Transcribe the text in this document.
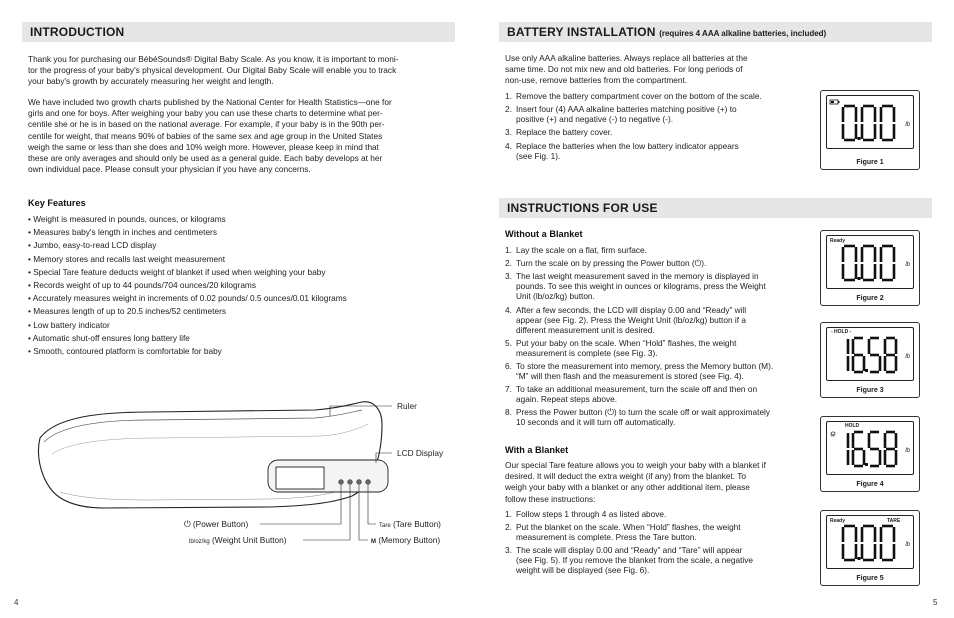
INTRODUCTION
Thank you for purchasing our BébéSounds® Digital Baby Scale. As you know, it is important to moni-
tor the progress of your baby's physical development. Our Digital Baby Scale will enable you to track
your baby's growth by accurately measuring her weight and length.
We have included two growth charts published by the National Center for Health Statistics—one for
girls and one for boys. After weighing your baby you can use these charts to determine what per-
centile she or he is in based on the national average. For example, if your baby is in the 90th per-
centile for weight, that means 90% of babies of the same sex and age group in the United States
weigh the same or less than she does and 10% weigh more. However, please keep in mind that
these are only averages and should only be used as a general guide. Each baby develops at her
own individual pace. Please consult your physician if you have any concerns.
Key Features
• Weight is measured in pounds, ounces, or kilograms
• Measures baby's length in inches and centimeters
• Jumbo, easy-to-read LCD display
• Memory stores and recalls last weight measurement
• Special Tare feature deducts weight of blanket if used when weighing your baby
• Records weight of up to 44 pounds/704 ounces/20 kilograms
• Accurately measures weight in increments of 0.02 pounds/ 0.5 ounces/0.01 kilograms
• Measures length of up to 20.5 inches/52 centimeters
• Low battery indicator
• Automatic shut-off ensures long battery life
• Smooth, contoured platform is comfortable for baby
Ruler
LCD Display
⏻ (Power Button)
lb/oz/kg (Weight Unit Button)
Tare (Tare Button)
M (Memory Button)
4
BATTERY INSTALLATION (requires 4 AAA alkaline batteries, included)
Use only AAA alkaline batteries. Always replace all batteries at the
same time. Do not mix new and old batteries. For long periods of
non-use, remove batteries from the compartment.
1. Remove the battery compartment cover on the bottom of the scale.
2. Insert four (4) AAA alkaline batteries matching positive (+) to
positive (+) and negative (-) to negative (-).
3. Replace the battery cover.
4. Replace the batteries when the low battery indicator appears
(see Fig. 1).
INSTRUCTIONS FOR USE
Without a Blanket
1. Lay the scale on a flat, firm surface.
2. Turn the scale on by pressing the Power button (⏻).
3. The last weight measurement saved in the memory is displayed in
pounds. To see this weight in ounces or kilograms, press the Weight
Unit (lb/oz/kg) button.
4. After a few seconds, the LCD will display 0.00 and “Ready” will
appear (see Fig. 2). Press the Weight Unit (lb/oz/kg) button if a
different measurement unit is desired.
5. Put your baby on the scale. When “Hold” flashes, the weight
measurement is complete (see Fig. 3).
6. To store the measurement into memory, press the Memory button (M).
“M” will then flash and the measurement is stored (see Fig. 4).
7. To take an additional measurement, turn the scale off and then on
again. Repeat steps above.
8. Press the Power button (⏻) to turn the scale off or wait approximately
10 seconds and it will turn off automatically.
With a Blanket
Our special Tare feature allows you to weigh your baby with a blanket if
desired. It will deduct the extra weight (if any) from the blanket. To
weigh your baby with a blanket or any other additional item, please
follow these instructions:
1. Follow steps 1 through 4 as listed above.
2. Put the blanket on the scale. When “Hold” flashes, the weight
measurement is complete. Press the Tare button.
3. The scale will display 0.00 and “Ready” and “Tare” will appear
(see Fig. 5). If you remove the blanket from the scale, a negative
weight will be displayed (see Fig. 6).
lb
Figure 1
Ready
lb
Figure 2
- HOLD -
lb
Figure 3
M
HOLD
lb
Figure 4
Ready	TARE
lb
Figure 5
5
